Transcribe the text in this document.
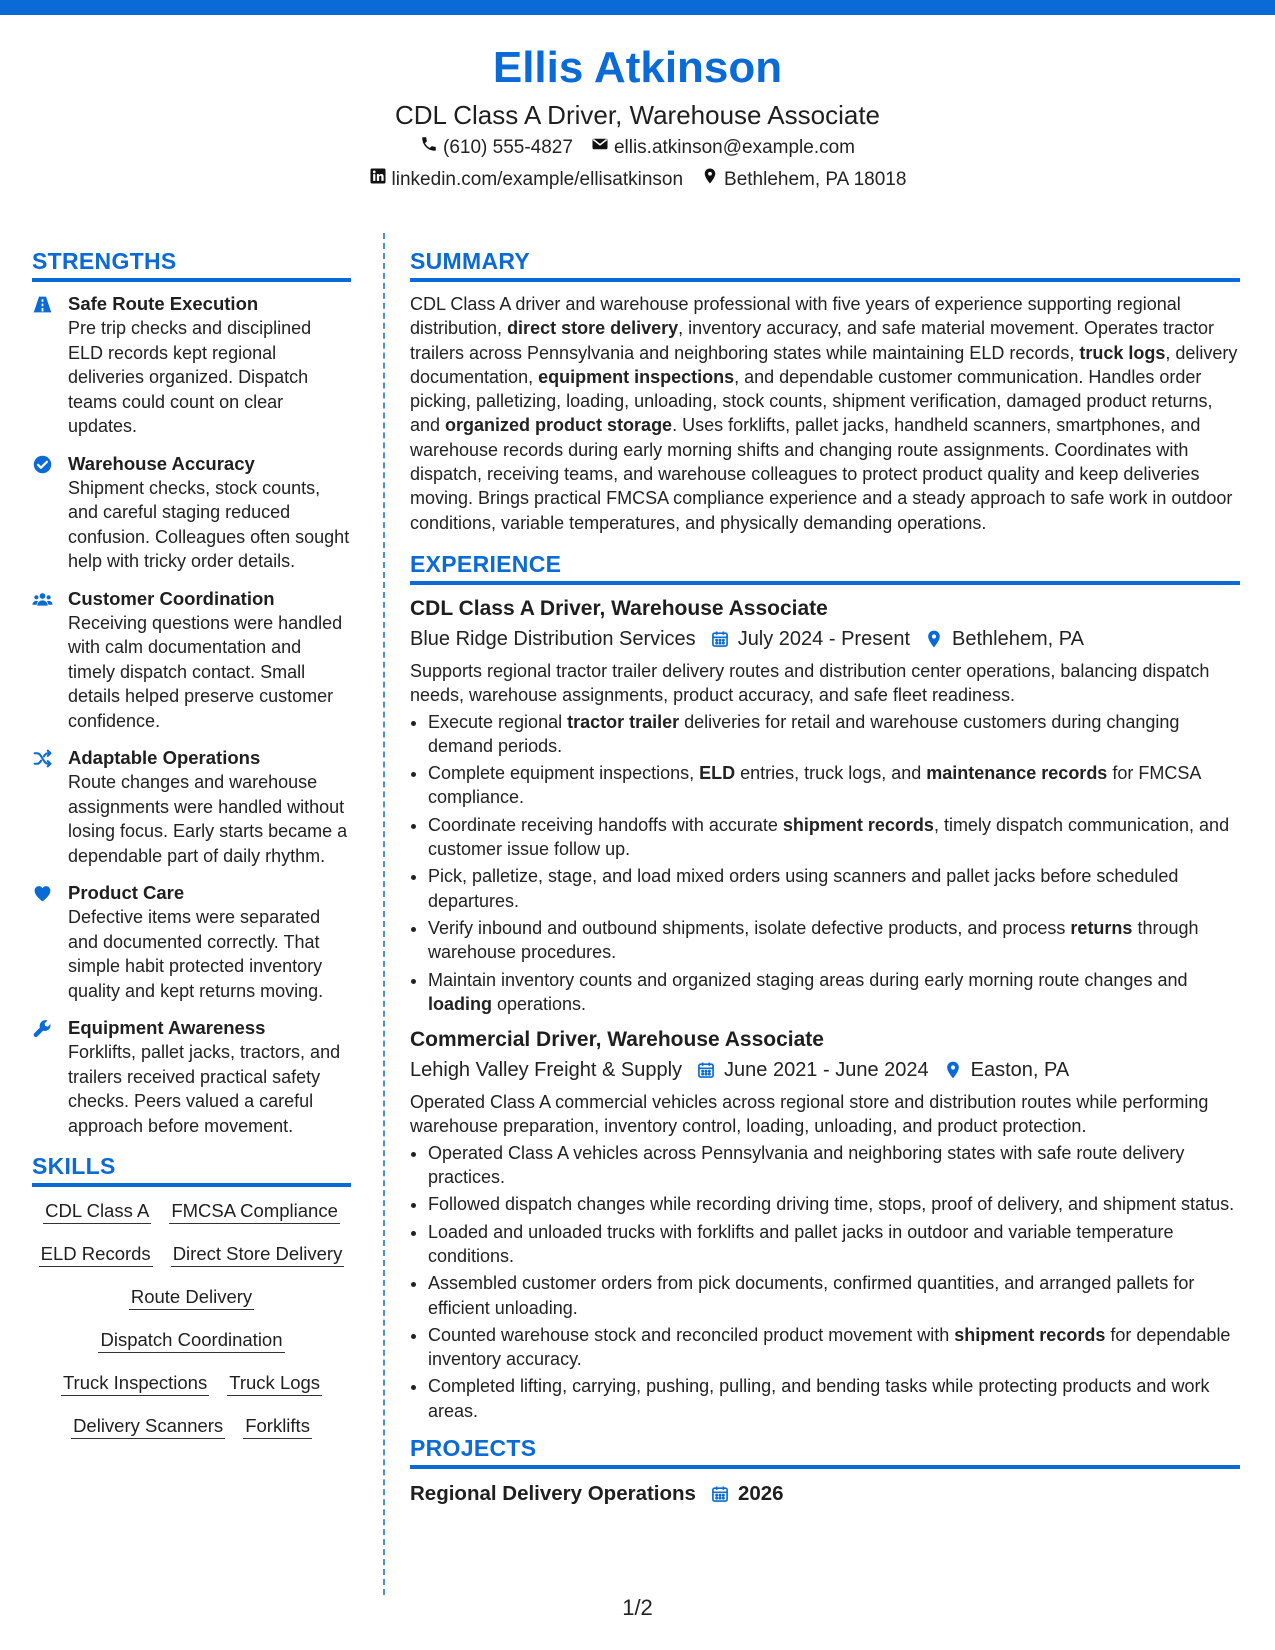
Ellis Atkinson
CDL Class A Driver, Warehouse Associate
(610) 555-4827 ellis.atkinson@example.com
linkedin.com/example/ellisatkinson Bethlehem, PA 18018
STRENGTHS
Safe Route Execution
Pre trip checks and disciplined ELD records kept regional deliveries organized. Dispatch teams could count on clear updates.
Warehouse Accuracy
Shipment checks, stock counts, and careful staging reduced confusion. Colleagues often sought help with tricky order details.
Customer Coordination
Receiving questions were handled with calm documentation and timely dispatch contact. Small details helped preserve customer confidence.
Adaptable Operations
Route changes and warehouse assignments were handled without losing focus. Early starts became a dependable part of daily rhythm.
Product Care
Defective items were separated and documented correctly. That simple habit protected inventory quality and kept returns moving.
Equipment Awareness
Forklifts, pallet jacks, tractors, and trailers received practical safety checks. Peers valued a careful approach before movement.
SKILLS
CDL Class A FMCSA Compliance
ELD Records Direct Store Delivery
Route Delivery
Dispatch Coordination
Truck Inspections Truck Logs
Delivery Scanners Forklifts
SUMMARY
CDL Class A driver and warehouse professional with five years of experience supporting regional distribution, direct store delivery, inventory accuracy, and safe material movement. Operates tractor trailers across Pennsylvania and neighboring states while maintaining ELD records, truck logs, delivery documentation, equipment inspections, and dependable customer communication. Handles order picking, palletizing, loading, unloading, stock counts, shipment verification, damaged product returns, and organized product storage. Uses forklifts, pallet jacks, handheld scanners, smartphones, and warehouse records during early morning shifts and changing route assignments. Coordinates with dispatch, receiving teams, and warehouse colleagues to protect product quality and keep deliveries moving. Brings practical FMCSA compliance experience and a steady approach to safe work in outdoor conditions, variable temperatures, and physically demanding operations.
EXPERIENCE
CDL Class A Driver, Warehouse Associate
Blue Ridge Distribution Services July 2024 - Present Bethlehem, PA
Supports regional tractor trailer delivery routes and distribution center operations, balancing dispatch needs, warehouse assignments, product accuracy, and safe fleet readiness.
• Execute regional tractor trailer deliveries for retail and warehouse customers during changing demand periods.
• Complete equipment inspections, ELD entries, truck logs, and maintenance records for FMCSA compliance.
• Coordinate receiving handoffs with accurate shipment records, timely dispatch communication, and customer issue follow up.
• Pick, palletize, stage, and load mixed orders using scanners and pallet jacks before scheduled departures.
• Verify inbound and outbound shipments, isolate defective products, and process returns through warehouse procedures.
• Maintain inventory counts and organized staging areas during early morning route changes and loading operations.
Commercial Driver, Warehouse Associate
Lehigh Valley Freight & Supply June 2021 - June 2024 Easton, PA
Operated Class A commercial vehicles across regional store and distribution routes while performing warehouse preparation, inventory control, loading, unloading, and product protection.
• Operated Class A vehicles across Pennsylvania and neighboring states with safe route delivery practices.
• Followed dispatch changes while recording driving time, stops, proof of delivery, and shipment status.
• Loaded and unloaded trucks with forklifts and pallet jacks in outdoor and variable temperature conditions.
• Assembled customer orders from pick documents, confirmed quantities, and arranged pallets for efficient unloading.
• Counted warehouse stock and reconciled product movement with shipment records for dependable inventory accuracy.
• Completed lifting, carrying, pushing, pulling, and bending tasks while protecting products and work areas.
PROJECTS
Regional Delivery Operations 2026
1/2
